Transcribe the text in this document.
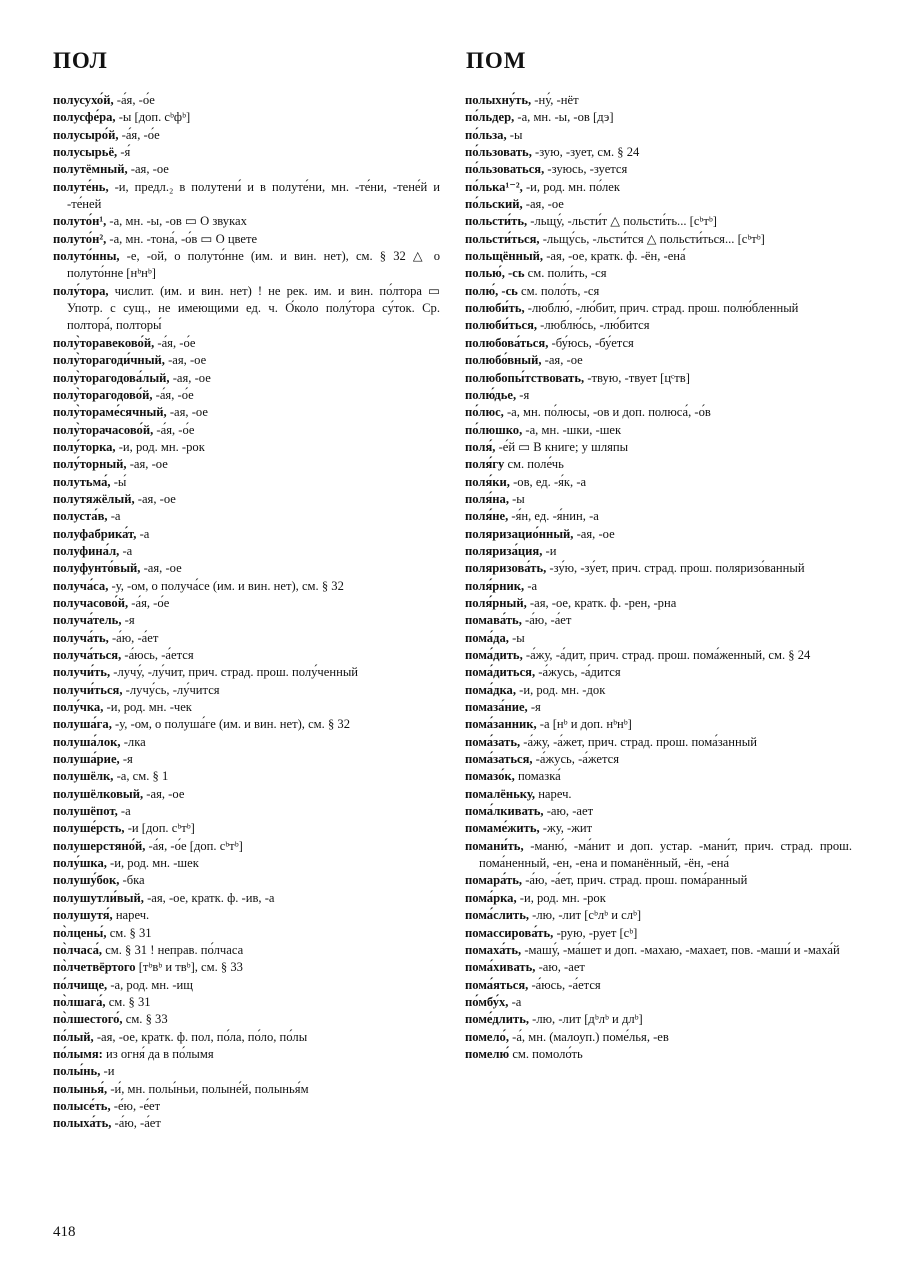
ПОЛ	ПОМ
полусухо́й, -а́я, -о́е
полусфе́ра, -ы [доп. сᵇфᵇ]
полусыро́й, -а́я, -о́е
полусырьё, -я́
полутёмный, -ая, -ое
полуте́нь, -и, предл.₂ в полутени́ и в полуте́ни, мн. -те́ни, -тене́й и -те́ней
полуто́н¹, -а, мн. -ы, -ов ▭ О звуках
полуто́н², -а, мн. -тона́, -о́в ▭ О цвете
полуто́нны, -е, -ой, о полуто́нне (им. и вин. нет), см. § 32 △ о полуто́нне [нᵇнᵇ]
полу́тора, числит. (им. и вин. нет) ! не рек. им. и вин. по́лтора ▭ Употр. с сущ., не имеющими ед. ч. О́коло полу́тора су́ток. Ср. полтора́, полторы́
полу̀торавеково́й, -а́я, -о́е
полу̀торагоди́чный, -ая, -ое
полу̀торагодова́лый, -ая, -ое
полу̀торагодово́й, -а́я, -о́е
полу̀тораме́сячный, -ая, -ое
полу̀торачасово́й, -а́я, -о́е
полу́торка, -и, род. мн. -рок
полу́торный, -ая, -ое
полутьма́, -ы́
полутяжёлый, -ая, -ое
полуста́в, -а
полуфабрика́т, -а
полуфина́л, -а
полуфунто́вый, -ая, -ое
получа́са, -у, -ом, о получа́се (им. и вин. нет), см. § 32
получасово́й, -а́я, -о́е
получа́тель, -я
получа́ть, -а́ю, -а́ет
получа́ться, -а́юсь, -а́ется
получи́ть, -лучу́, -лу́чит, прич. страд. прош. полу́ченный
получи́ться, -лучу́сь, -лу́чится
полу́чка, -и, род. мн. -чек
полуша́га, -у, -ом, о полуша́ге (им. и вин. нет), см. § 32
полуша́лок, -лка
полуша́рие, -я
полушёлк, -а, см. § 1
полушёлковый, -ая, -ое
полушёпот, -а
полуше́рсть, -и [доп. сᵇтᵇ]
полушерстяно́й, -а́я, -о́е [доп. сᵇтᵇ]
полу́шка, -и, род. мн. -шек
полушу́бок, -бка
полушутли́вый, -ая, -ое, кратк. ф. -ив, -а
полушутя́, нареч.
по̀лцены́, см. § 31
по̀лчаса́, см. § 31 ! неправ. по́лчаса
по̀лчетвёртого [тᵇвᵇ и твᵇ], см. § 33
по́лчище, -а, род. мн. -ищ
по̀лшага́, см. § 31
по̀лшестого́, см. § 33
по́лый, -ая, -ое, кратк. ф. пол, по́ла, по́ло, по́лы
по́лымя: из огня́ да в по́лымя
полы́нь, -и
полынья́, -и́, мн. полы́ньи, полыне́й, полынья́м
полысе́ть, -е́ю, -е́ет
полыха́ть, -а́ю, -а́ет
полыхну́ть, -ну́, -нёт
по́льдер, -а, мн. -ы, -ов [дэ]
по́льза, -ы
по́льзовать, -зую, -зует, см. § 24
по́льзоваться, -зуюсь, -зуется
по́лька¹⁻², -и, род. мн. по́лек
по́льский, -ая, -ое
польсти́ть, -льщу́, -льсти́т △ польсти́ть... [сᵇтᵇ]
польсти́ться, -льщу́сь, -льсти́тся △ польсти́ться... [сᵇтᵇ]
польщённый, -ая, -ое, кратк. ф. -ён, -ена́
полью́, -сь см. поли́ть, -ся
полю́, -сь см. поло́ть, -ся
полюби́ть, -люблю́, -лю́бит, прич. страд. прош. полю́бленный
полюби́ться, -люблю́сь, -лю́бится
полюбова́ться, -бу́юсь, -бу́ется
полюбо́вный, -ая, -ое
полюбопы́тствовать, -твую, -твует [цᶜтв]
полю́дье, -я
по́люс, -а, мн. по́люсы, -ов и доп. полюса́, -о́в
по́люшко, -а, мн. -шки, -шек
поля́, -е́й ▭ В книге; у шляпы
поля́гу см. поле́чь
поля́ки, -ов, ед. -я́к, -а
поля́на, -ы
поля́не, -я́н, ед. -я́нин, -а
поляризацио́нный, -ая, -ое
поляриза́ция, -и
поляризова́ть, -зу́ю, -зу́ет, прич. страд. прош. поляризо́ванный
поля́рник, -а
поля́рный, -ая, -ое, кратк. ф. -рен, -рна
помава́ть, -а́ю, -а́ет
пома́да, -ы
пома́дить, -а́жу, -а́дит, прич. страд. прош. пома́женный, см. § 24
пома́диться, -а́жусь, -а́дится
пома́дка, -и, род. мн. -док
помаза́ние, -я
пома́занник, -а [нᵇ и доп. нᵇнᵇ]
пома́зать, -а́жу, -а́жет, прич. страд. прош. пома́занный
пома́заться, -а́жусь, -а́жется
помазо́к, помазка́
помалёньку, нареч.
пома́лкивать, -аю, -ает
помаме́жить, -жу, -жит
помани́ть, -маню́, -ма́нит и доп. устар. -мани́т, прич. страд. прош. пома́ненный, -ен, -ена и поманённый, -ён, -ена́
помара́ть, -а́ю, -а́ет, прич. страд. прош. пома́ранный
пома́рка, -и, род. мн. -рок
пома́слить, -лю, -лит [сᵇлᵇ и слᵇ]
помассирова́ть, -рую, -рует [сᵇ]
помаха́ть, -машу́, -ма́шет и доп. -махаю, -махает, пов. -маши́ и -маха́й
пома́хивать, -аю, -ает
пома́яться, -а́юсь, -а́ется
по́мбу́х, -а
поме́длить, -лю, -лит [дᵇлᵇ и длᵇ]
помело́, -а́, мн. (малоуп.) поме́лья, -ев
помелю́ см. помоло́ть
418
